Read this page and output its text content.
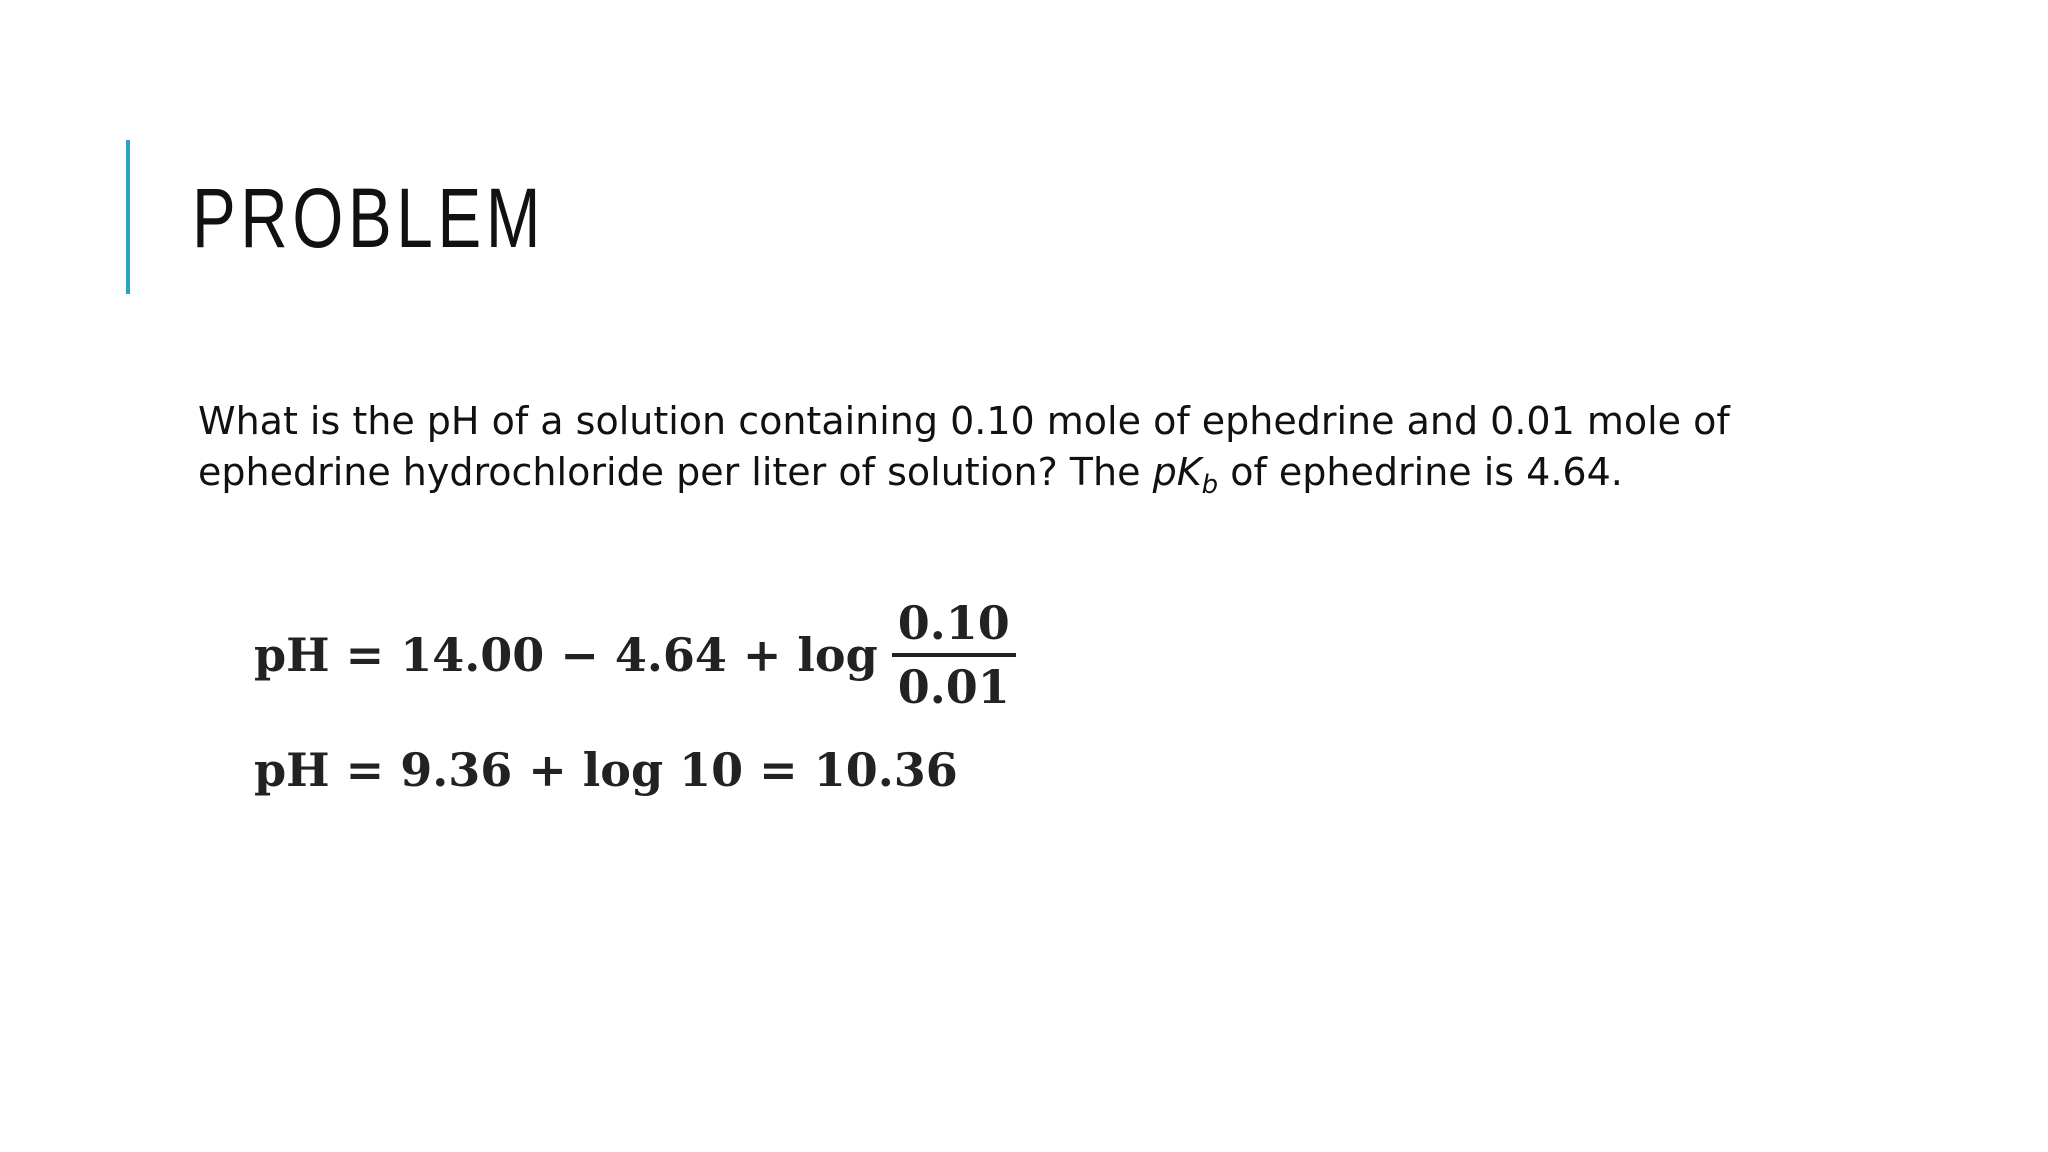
PROBLEM
What is the pH of a solution containing 0.10 mole of ephedrine and 0.01 mole of
ephedrine hydrochloride per liter of solution? The $pK_b$ of ephedrine is 4.64.
pH = $14.00 - 4.64 + \log \frac{0.10}{0.01}$
pH = 9.36 + log 10 = 10.36
